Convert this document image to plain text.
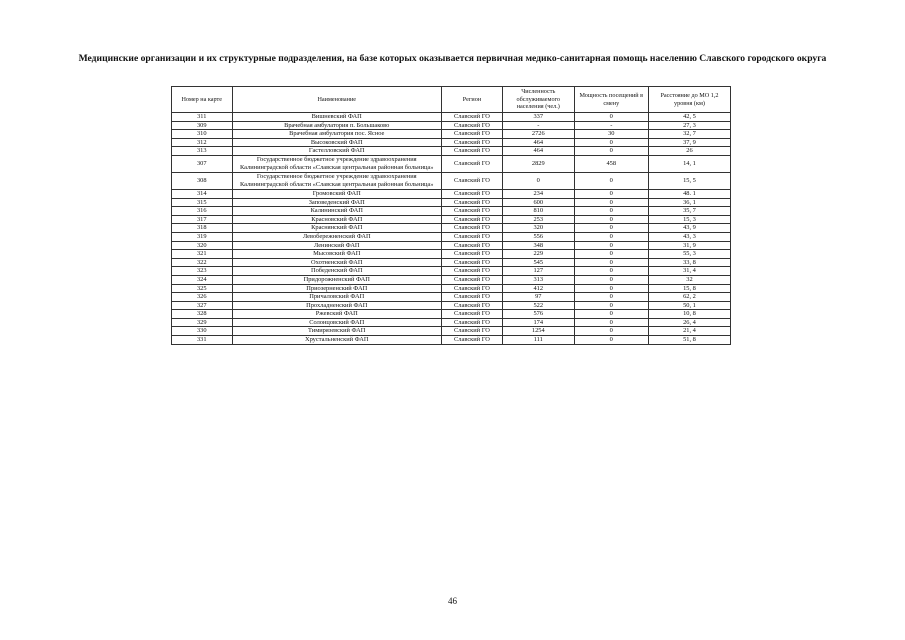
Медицинские организации и их структурные подразделения, на базе которых оказывается первичная медико-санитарная помощь населению Славского городского округа
Номер на карте	Наименование	Регион	Численность обслуживаемого населения (чел.)	Мощность посещений в смену	Расстояние до МО 1,2 уровня (км)
311	Вишневский ФАП	Славский ГО	337	0	42, 5
309	Врачебная амбулатория п. Большаково	Славский ГО	-	-	27, 3
310	Врачебная амбулатория пос. Ясное	Славский ГО	2726	30	32, 7
312	Высоковский ФАП	Славский ГО	464	0	37, 9
313	Гастелловский ФАП	Славский ГО	464	0	26
307	Государственное бюджетное учреждение здравоохранения Калининградской области «Славская центральная районная больница»	Славский ГО	2829	458	14, 1
308	Государственное бюджетное учреждение здравоохранения Калининградской области «Славская центральная районная больница»	Славский ГО	0	0	15, 5
314	Громовский ФАП	Славский ГО	234	0	48. 1
315	Заповеденский ФАП	Славский ГО	600	0	36, 1
316	Калининский ФАП	Славский ГО	810	0	35, 7
317	Красновский ФАП	Славский ГО	253	0	15, 3
318	Краснянский ФАП	Славский ГО	320	0	43, 9
319	Левобережненский ФАП	Славский ГО	556	0	43, 3
320	Ленинский ФАП	Славский ГО	348	0	31, 9
321	Мысовский ФАП	Славский ГО	229	0	55, 3
322	Охотненский ФАП	Славский ГО	545	0	33, 8
323	Победенский ФАП	Славский ГО	127	0	31, 4
324	Придорожненский ФАП	Славский ГО	313	0	32
325	Приозерненский ФАП	Славский ГО	412	0	15, 8
326	Причаловский ФАП	Славский ГО	97	0	62, 2
327	Прохладненский ФАП	Славский ГО	522	0	50, 1
328	Ржевский ФАП	Славский ГО	576	0	10, 8
329	Солонцовский ФАП	Славский ГО	174	0	26, 4
330	Тимирязевский ФАП	Славский ГО	1254	0	21, 4
331	Хрустальненский ФАП	Славский ГО	111	0	51, 8
46
